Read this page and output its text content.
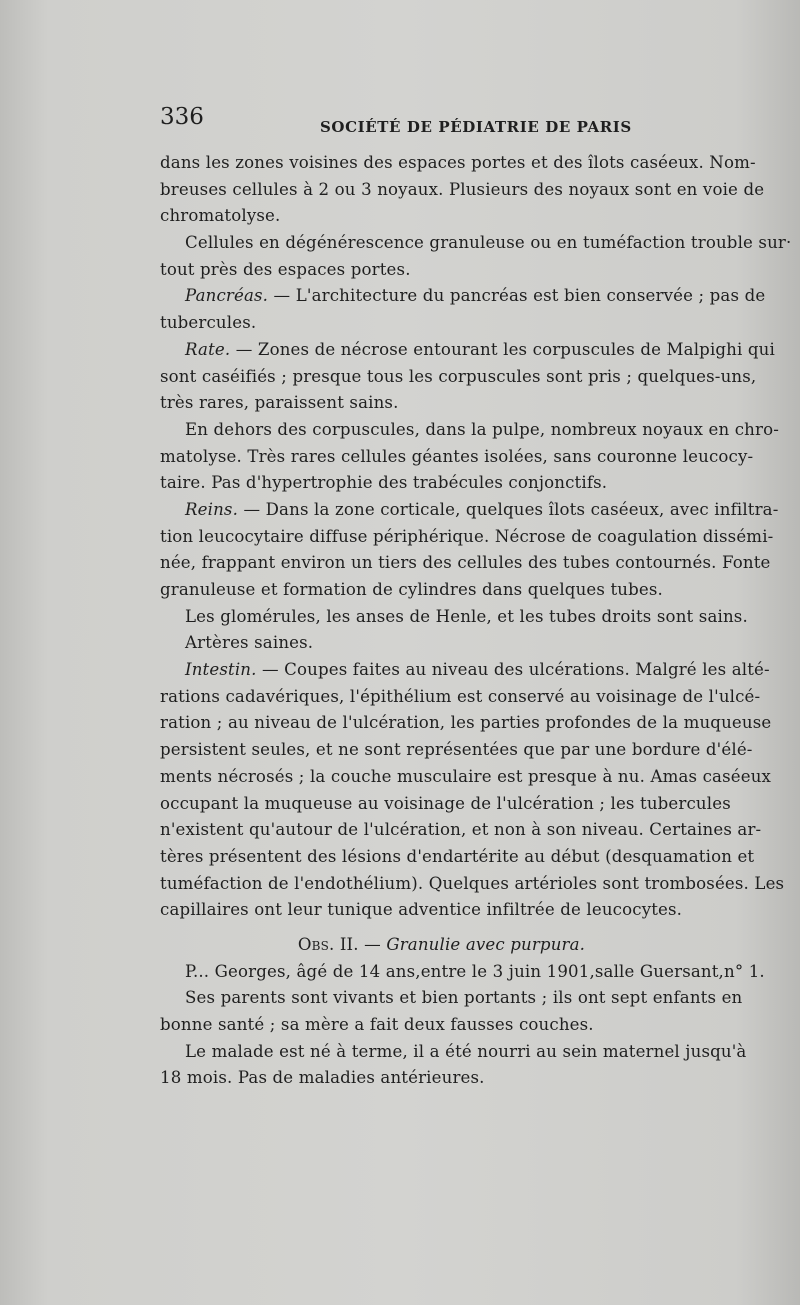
336	SOCIÉTÉ DE PÉDIATRIE DE PARIS
dans les zones voisines des espaces portes et des îlots caséeux. Nom-
breuses cellules à 2 ou 3 noyaux. Plusieurs des noyaux sont en voie de
chromatolyse.
Cellules en dégénérescence granuleuse ou en tuméfaction trouble sur·
tout près des espaces portes.
Pancréas. — L'architecture du pancréas est bien conservée ; pas de
tubercules.
Rate. — Zones de nécrose entourant les corpuscules de Malpighi qui
sont caséifiés ; presque tous les corpuscules sont pris ; quelques-uns,
très rares, paraissent sains.
En dehors des corpuscules, dans la pulpe, nombreux noyaux en chro-
matolyse. Très rares cellules géantes isolées, sans couronne leucocy-
taire. Pas d'hypertrophie des trabécules conjonctifs.
Reins. — Dans la zone corticale, quelques îlots caséeux, avec infiltra-
tion leucocytaire diffuse périphérique. Nécrose de coagulation dissémi-
née, frappant environ un tiers des cellules des tubes contournés. Fonte
granuleuse et formation de cylindres dans quelques tubes.
Les glomérules, les anses de Henle, et les tubes droits sont sains.
Artères saines.
Intestin. — Coupes faites au niveau des ulcérations. Malgré les alté-
rations cadavériques, l'épithélium est conservé au voisinage de l'ulcé-
ration ; au niveau de l'ulcération, les parties profondes de la muqueuse
persistent seules, et ne sont représentées que par une bordure d'élé-
ments nécrosés ; la couche musculaire est presque à nu. Amas caséeux
occupant la muqueuse au voisinage de l'ulcération ; les tubercules
n'existent qu'autour de l'ulcération, et non à son niveau. Certaines ar-
tères présentent des lésions d'endartérite au début (desquamation et
tuméfaction de l'endothélium). Quelques artérioles sont trombosées. Les
capillaires ont leur tunique adventice infiltrée de leucocytes.
Obs. II. — Granulie avec purpura.
P... Georges, âgé de 14 ans,entre le 3 juin 1901,salle Guersant,n° 1.
Ses parents sont vivants et bien portants ; ils ont sept enfants en
bonne santé ; sa mère a fait deux fausses couches.
Le malade est né à terme, il a été nourri au sein maternel jusqu'à
18 mois. Pas de maladies antérieures.
